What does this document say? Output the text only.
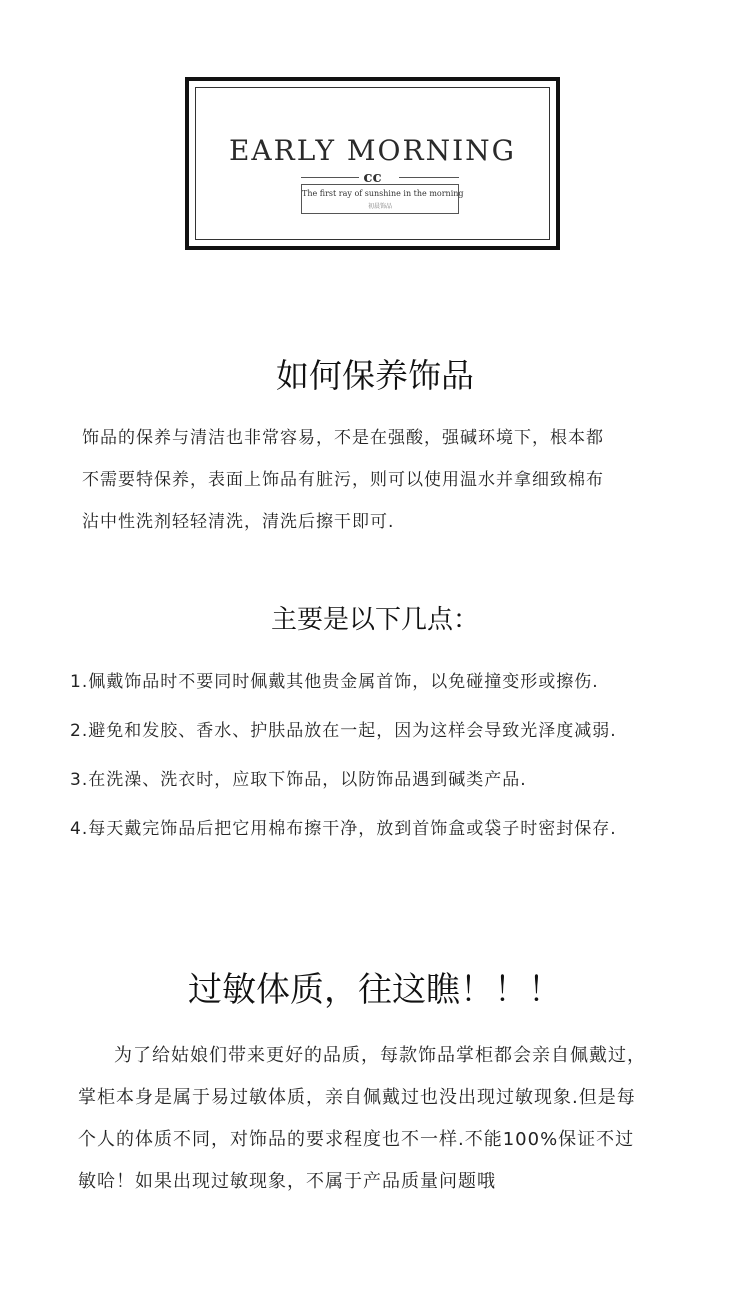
EARLY MORNING
cc
The first ray of sunshine in the morning
初晨饰品
如何保养饰品
饰品的保养与清洁也非常容易，不是在强酸，强碱环境下，根本都
不需要特保养，表面上饰品有脏污，则可以使用温水并拿细致棉布
沾中性洗剂轻轻清洗，清洗后擦干即可.
主要是以下几点：
1.佩戴饰品时不要同时佩戴其他贵金属首饰，以免碰撞变形或擦伤.
2.避免和发胶、香水、护肤品放在一起，因为这样会导致光泽度减弱.
3.在洗澡、洗衣时，应取下饰品，以防饰品遇到碱类产品.
4.每天戴完饰品后把它用棉布擦干净，放到首饰盒或袋子时密封保存.
过敏体质，往这瞧！！！
为了给姑娘们带来更好的品质，每款饰品掌柜都会亲自佩戴过，
掌柜本身是属于易过敏体质，亲自佩戴过也没出现过敏现象.但是每
个人的体质不同，对饰品的要求程度也不一样.不能100%保证不过
敏哈！如果出现过敏现象，不属于产品质量问题哦
